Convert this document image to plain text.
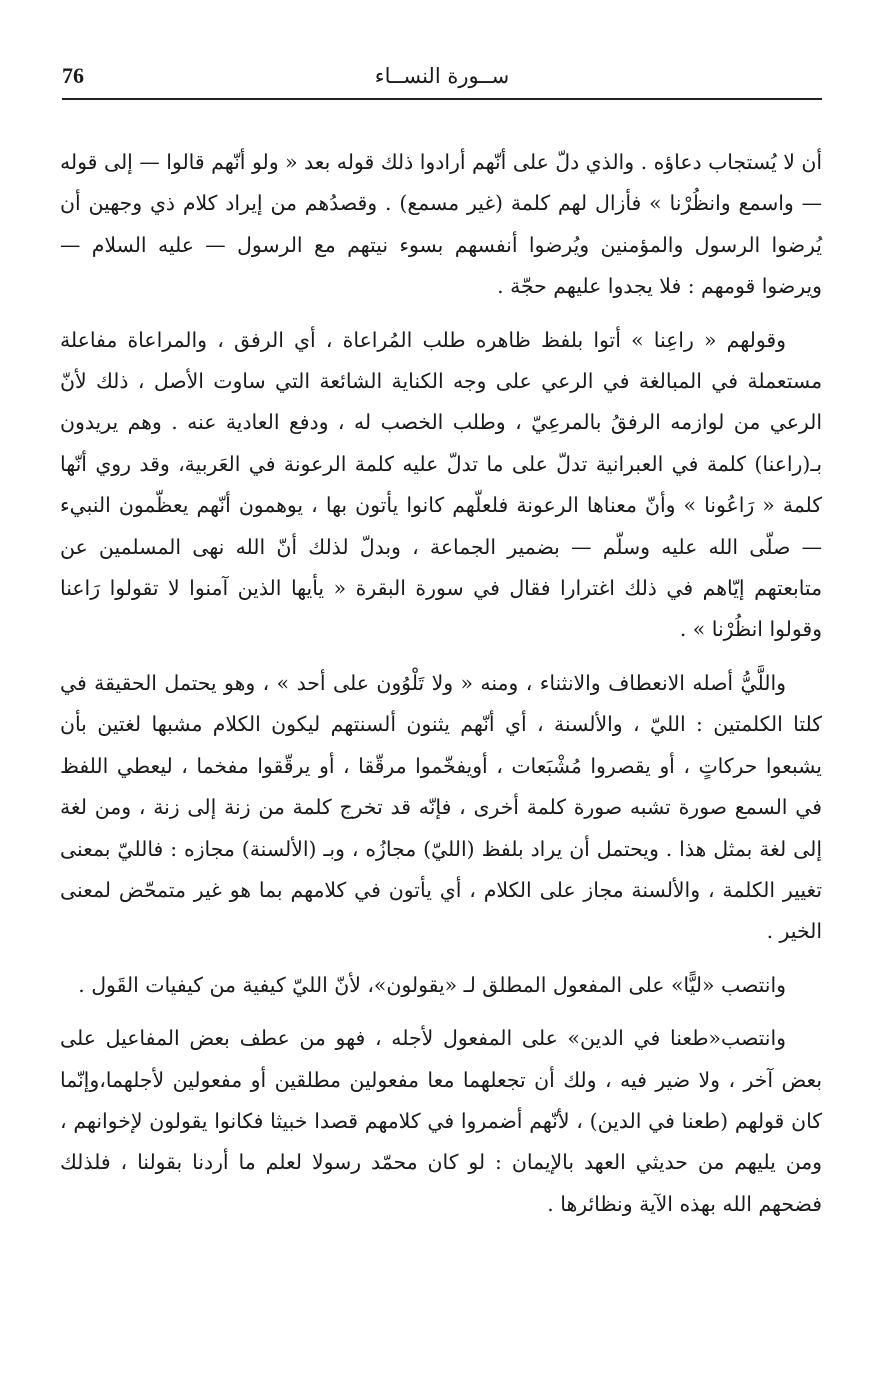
76	ســورة النســاء

أن لا يُستجاب دعاؤه . والذي دلّ على أنّهم أرادوا ذلك قوله بعد « ولو أنّهم قالوا — إلى قوله — واسمع وانظُرْنا » فأزال لهم كلمة (غير مسمع) . وقصدُهم من إيراد كلام ذي وجهين أن يُرضوا الرسول والمؤمنين ويُرضوا أنفسهم بسوء نيتهم مع الرسول — عليه السلام — ويرضوا قومهم : فلا يجدوا عليهم حجّة .

وقولهم « راعِنا » أتوا بلفظ ظاهره طلب المُراعاة ، أي الرفق ، والمراعاة مفاعلة مستعملة في المبالغة في الرعي على وجه الكناية الشائعة التي ساوت الأصل ، ذلك لأنّ الرعي من لوازمه الرفقُ بالمرعِيّ ، وطلب الخصب له ، ودفع العادية عنه . وهم يريدون بـ(راعنا) كلمة في العبرانية تدلّ على ما تدلّ عليه كلمة الرعونة في العَربية، وقد روي أنّها كلمة « رَاعُونا » وأنّ معناها الرعونة فلعلّهم كانوا يأتون بها ، يوهمون أنّهم يعظّمون النبيء — صلّى الله عليه وسلّم — بضمير الجماعة ، وبدلّ لذلك أنّ الله نهى المسلمين عن متابعتهم إيّاهم في ذلك اغترارا فقال في سورة البقرة « يأيها الذين آمنوا لا تقولوا رَاعنا وقولوا انظُرْنا » .

واللَّيُّ أصله الانعطاف والانثناء ، ومنه « ولا تَلْوُون على أحد » ، وهو يحتمل الحقيقة في كلتا الكلمتين : الليّ ، والألسنة ، أي أنّهم يثنون ألسنتهم ليكون الكلام مشبها لغتين بأن يشبعوا حركاتٍ ، أو يقصروا مُشْبَعات ، أويفخّموا مرقّقا ، أو يرقّقوا مفخما ، ليعطي اللفظ في السمع صورة تشبه صورة كلمة أخرى ، فإنّه قد تخرج كلمة من زنة إلى زنة ، ومن لغة إلى لغة بمثل هذا . ويحتمل أن يراد بلفظ (الليّ) مجازُه ، وبـ (الألسنة) مجازه : فالليّ بمعنى تغيير الكلمة ، والألسنة مجاز على الكلام ، أي يأتون في كلامهم بما هو غير متمحّض لمعنى الخير .

وانتصب «ليًّا» على المفعول المطلق لـ «يقولون»، لأنّ الليّ كيفية من كيفيات القَول .

وانتصب«طعنا في الدين» على المفعول لأجله ، فهو من عطف بعض المفاعيل على بعض آخر ، ولا ضير فيه ، ولك أن تجعلهما معا مفعولين مطلقين أو مفعولين لأجلهما،وإنّما كان قولهم (طعنا في الدين) ، لأنّهم أضمروا في كلامهم قصدا خبيثا فكانوا يقولون لإخوانهم ، ومن يليهم من حديثي العهد بالإيمان : لو كان محمّد رسولا لعلم ما أردنا بقولنا ، فلذلك فضحهم الله بهذه الآية ونظائرها .
